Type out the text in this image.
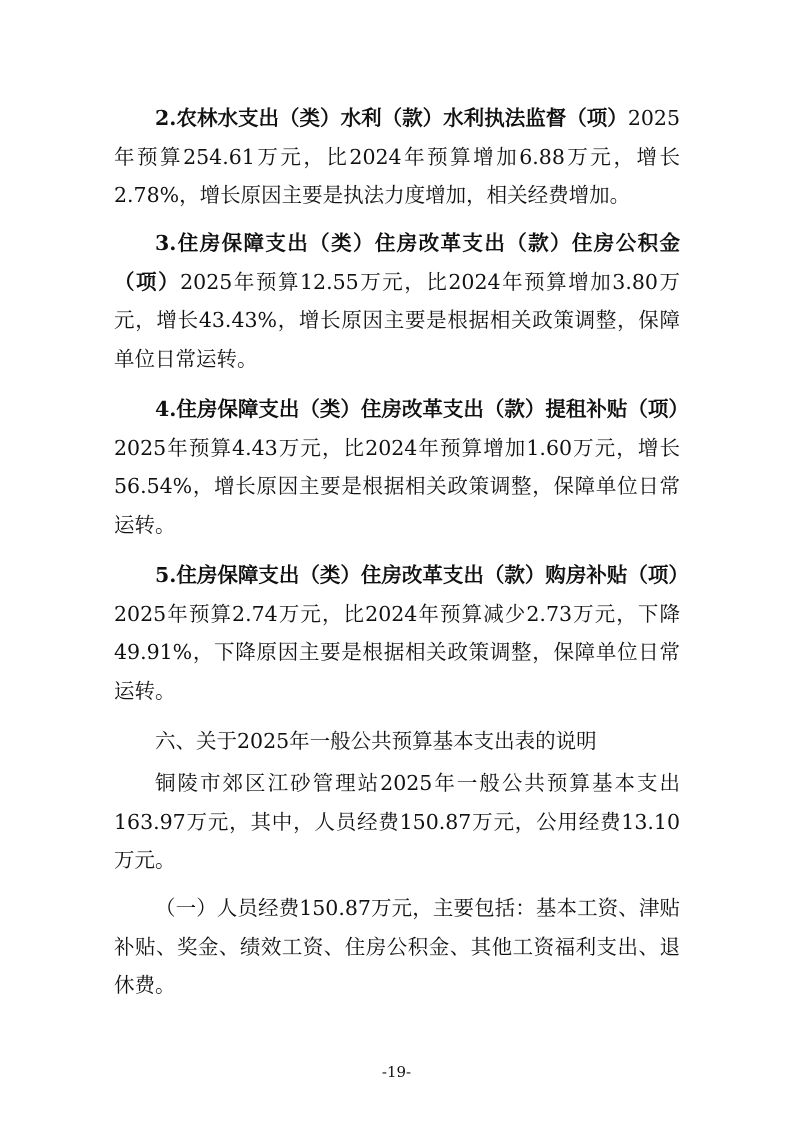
2.农林水支出（类）水利（款）水利执法监督（项）2025年预算254.61万元，比2024年预算增加6.88万元，增长2.78%，增长原因主要是执法力度增加，相关经费增加。

3.住房保障支出（类）住房改革支出（款）住房公积金（项）2025年预算12.55万元，比2024年预算增加3.80万元，增长43.43%，增长原因主要是根据相关政策调整，保障单位日常运转。

4.住房保障支出（类）住房改革支出（款）提租补贴（项）2025年预算4.43万元，比2024年预算增加1.60万元，增长56.54%，增长原因主要是根据相关政策调整，保障单位日常运转。

5.住房保障支出（类）住房改革支出（款）购房补贴（项）2025年预算2.74万元，比2024年预算减少2.73万元，下降49.91%，下降原因主要是根据相关政策调整，保障单位日常运转。

六、关于2025年一般公共预算基本支出表的说明

铜陵市郊区江砂管理站2025年一般公共预算基本支出163.97万元，其中，人员经费150.87万元，公用经费13.10万元。

（一）人员经费150.87万元，主要包括：基本工资、津贴补贴、奖金、绩效工资、住房公积金、其他工资福利支出、退休费。

-19-
